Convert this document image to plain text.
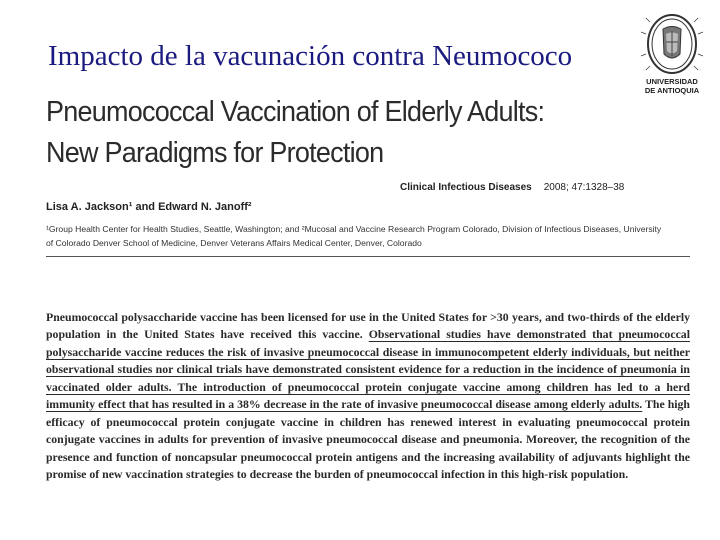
Impacto de la vacunación contra Neumococo
UNIVERSIDAD
DE ANTIOQUIA
Pneumococcal Vaccination of Elderly Adults:
New Paradigms for Protection
Clinical Infectious Diseases 2008; 47:1328–38
Lisa A. Jackson¹ and Edward N. Janoff²
¹Group Health Center for Health Studies, Seattle, Washington; and ²Mucosal and Vaccine Research Program Colorado, Division of Infectious Diseases, University of Colorado Denver School of Medicine, Denver Veterans Affairs Medical Center, Denver, Colorado

Pneumococcal polysaccharide vaccine has been licensed for use in the United States for >30 years, and two-thirds of the elderly population in the United States have received this vaccine. Observational studies have demonstrated that pneumococcal polysaccharide vaccine reduces the risk of invasive pneumococcal disease in immunocompetent elderly individuals, but neither observational studies nor clinical trials have demonstrated consistent evidence for a reduction in the incidence of pneumonia in vaccinated older adults. The introduction of pneumococcal protein conjugate vaccine among children has led to a herd immunity effect that has resulted in a 38% decrease in the rate of invasive pneumococcal disease among elderly adults. The high efficacy of pneumococcal protein conjugate vaccine in children has renewed interest in evaluating pneumococcal protein conjugate vaccines in adults for prevention of invasive pneumococcal disease and pneumonia. Moreover, the recognition of the presence and function of noncapsular pneumococcal protein antigens and the increasing availability of adjuvants highlight the promise of new vaccination strategies to decrease the burden of pneumococcal infection in this high-risk population.
